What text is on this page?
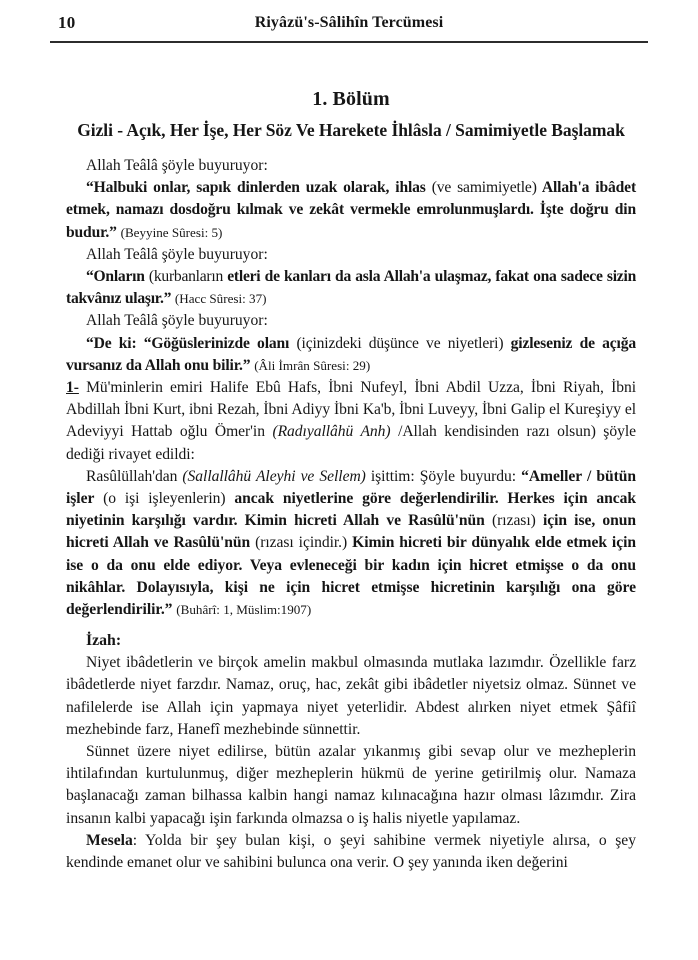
10	Riyâzü's-Sâlihîn Tercümesi
1. Bölüm
Gizli - Açık, Her İşe, Her Söz Ve Harekete İhlâsla / Samimiyetle Başlamak

Allah Teâlâ şöyle buyuruyor:

“Halbuki onlar, sapık dinlerden uzak olarak, ihlas (ve samimiyetle) Allah'a ibâdet etmek, namazı dosdoğru kılmak ve zekât vermekle emrolunmuşlardı. İşte doğru din budur.” (Beyyine Sûresi: 5)

Allah Teâlâ şöyle buyuruyor:

“Onların (kurbanların etleri de kanları da asla Allah'a ulaşmaz, fakat ona sadece sizin takvânız ulaşır.” (Hacc Sûresi: 37)

Allah Teâlâ şöyle buyuruyor:

“De ki: “Göğüslerinizde olanı (içinizdeki düşünce ve niyetleri) gizleseniz de açığa vursanız da Allah onu bilir.” (Âli İmrân Sûresi: 29)

1- Mü'minlerin emiri Halife Ebû Hafs, İbni Nufeyl, İbni Abdil Uzza, İbni Riyah, İbni Abdillah İbni Kurt, ibni Rezah, İbni Adiyy İbni Ka'b, İbni Luveyy, İbni Galip el Kureşiyy el Adeviyyi Hattab oğlu Ömer'in (Radıyallâhü Anh) /Allah kendisinden razı olsun) şöyle dediği rivayet edildi:

Rasûlüllah'dan (Sallallâhü Aleyhi ve Sellem) işittim: Şöyle buyurdu: “Ameller / bütün işler (o işi işleyenlerin) ancak niyetlerine göre değerlendirilir. Herkes için ancak niyetinin karşılığı vardır. Kimin hicreti Allah ve Rasûlü'nün (rızası) için ise, onun hicreti Allah ve Rasûlü'nün (rızası içindir.) Kimin hicreti bir dünyalık elde etmek için ise o da onu elde ediyor. Veya evleneceği bir kadın için hicret etmişse o da onu nikâhlar. Dolayısıyla, kişi ne için hicret etmişse hicretinin karşılığı ona göre değerlendirilir.” (Buhârî: 1, Müslim:1907)

İzah:

Niyet ibâdetlerin ve birçok amelin makbul olmasında mutlaka lazımdır. Özellikle farz ibâdetlerde niyet farzdır. Namaz, oruç, hac, zekât gibi ibâdetler niyetsiz olmaz. Sünnet ve nafilelerde ise Allah için yapmaya niyet yeterlidir. Abdest alırken niyet etmek Şâfiî mezhebinde farz, Hanefî mezhebinde sünnettir.

Sünnet üzere niyet edilirse, bütün azalar yıkanmış gibi sevap olur ve mezheplerin ihtilafından kurtulunmuş, diğer mezheplerin hükmü de yerine getirilmiş olur. Namaza başlanacağı zaman bilhassa kalbin hangi namaz kılınacağına hazır olması lâzımdır. Zira insanın kalbi yapacağı işin farkında olmazsa o iş halis niyetle yapılamaz.

Mesela: Yolda bir şey bulan kişi, o şeyi sahibine vermek niyetiyle alırsa, o şey kendinde emanet olur ve sahibini bulunca ona verir. O şey yanında iken değerini
